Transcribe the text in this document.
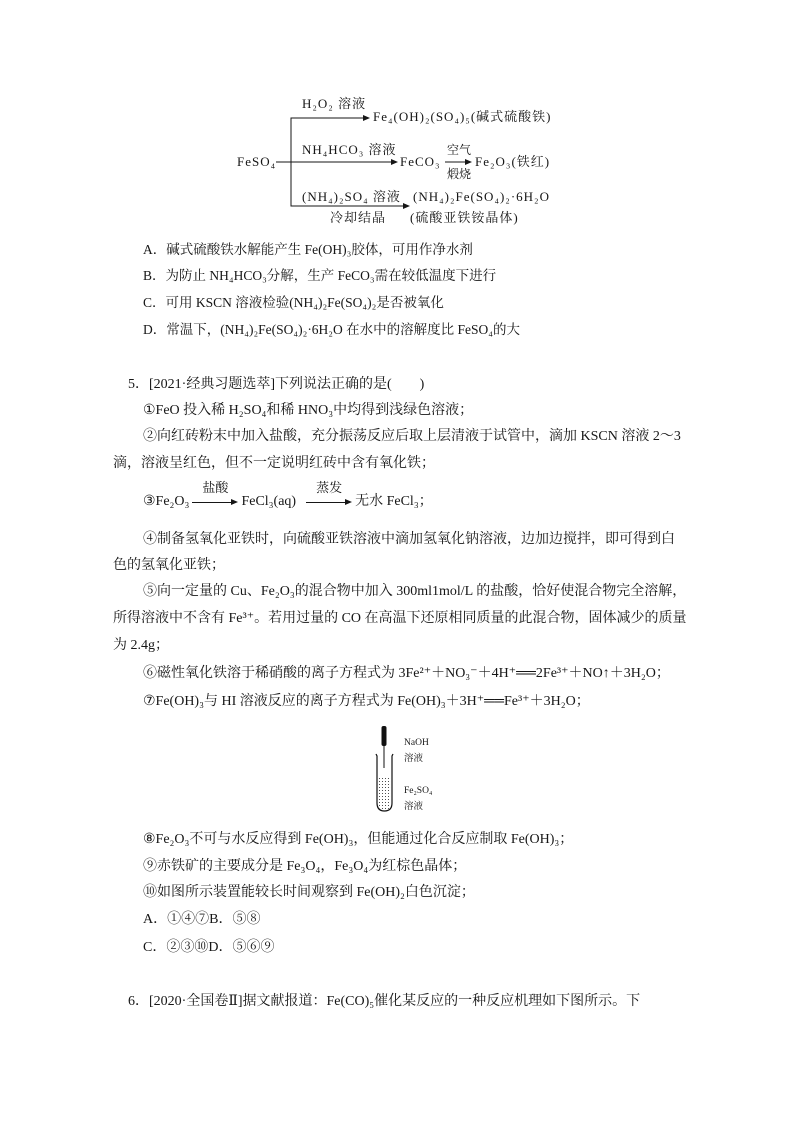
FeSO₄
H₂O₂ 溶液
Fe₄(OH)₂(SO₄)₅(碱式硫酸铁)
NH₄HCO₃ 溶液
FeCO₃
空气
煅烧
Fe₂O₃(铁红)
(NH₄)₂SO₄ 溶液 (NH₄)₂Fe(SO₄)₂·6H₂O
冷却结晶 (硫酸亚铁铵晶体)
A．碱式硫酸铁水解能产生 Fe(OH)₃胶体，可用作净水剂
B．为防止 NH₄HCO₃分解，生产 FeCO₃需在较低温度下进行
C．可用 KSCN 溶液检验(NH₄)₂Fe(SO₄)₂是否被氧化
D．常温下，(NH₄)₂Fe(SO₄)₂·6H₂O 在水中的溶解度比 FeSO₄的大
5．[2021·经典习题选萃]下列说法正确的是(　　)
①FeO 投入稀 H₂SO₄和稀 HNO₃中均得到浅绿色溶液；
②向红砖粉末中加入盐酸，充分振荡反应后取上层清液于试管中，滴加 KSCN 溶液 2～3
滴，溶液呈红色，但不一定说明红砖中含有氧化铁；
③Fe₂O₃
盐酸
FeCl₃(aq)
蒸发
无水 FeCl₃；
④制备氢氧化亚铁时，向硫酸亚铁溶液中滴加氢氧化钠溶液，边加边搅拌，即可得到白
色的氢氧化亚铁；
⑤向一定量的 Cu、Fe₂O₃的混合物中加入 300ml1mol/L 的盐酸，恰好使混合物完全溶解，
所得溶液中不含有 Fe³⁺。若用过量的 CO 在高温下还原相同质量的此混合物，固体减少的质量
为 2.4g；
⑥磁性氧化铁溶于稀硝酸的离子方程式为 3Fe²⁺＋NO₃⁻＋4H⁺══2Fe³⁺＋NO↑＋3H₂O；
⑦Fe(OH)₃与 HI 溶液反应的离子方程式为 Fe(OH)₃＋3H⁺══Fe³⁺＋3H₂O；
NaOH
溶液
Fe₂SO₄
溶液
⑧Fe₂O₃不可与水反应得到 Fe(OH)₃，但能通过化合反应制取 Fe(OH)₃；
⑨赤铁矿的主要成分是 Fe₃O₄，Fe₃O₄为红棕色晶体；
⑩如图所示装置能较长时间观察到 Fe(OH)₂白色沉淀；
A．①④⑦B．⑤⑧
C．②③⑩D．⑤⑥⑨
6．[2020·全国卷Ⅱ]据文献报道：Fe(CO)₅催化某反应的一种反应机理如下图所示。下
